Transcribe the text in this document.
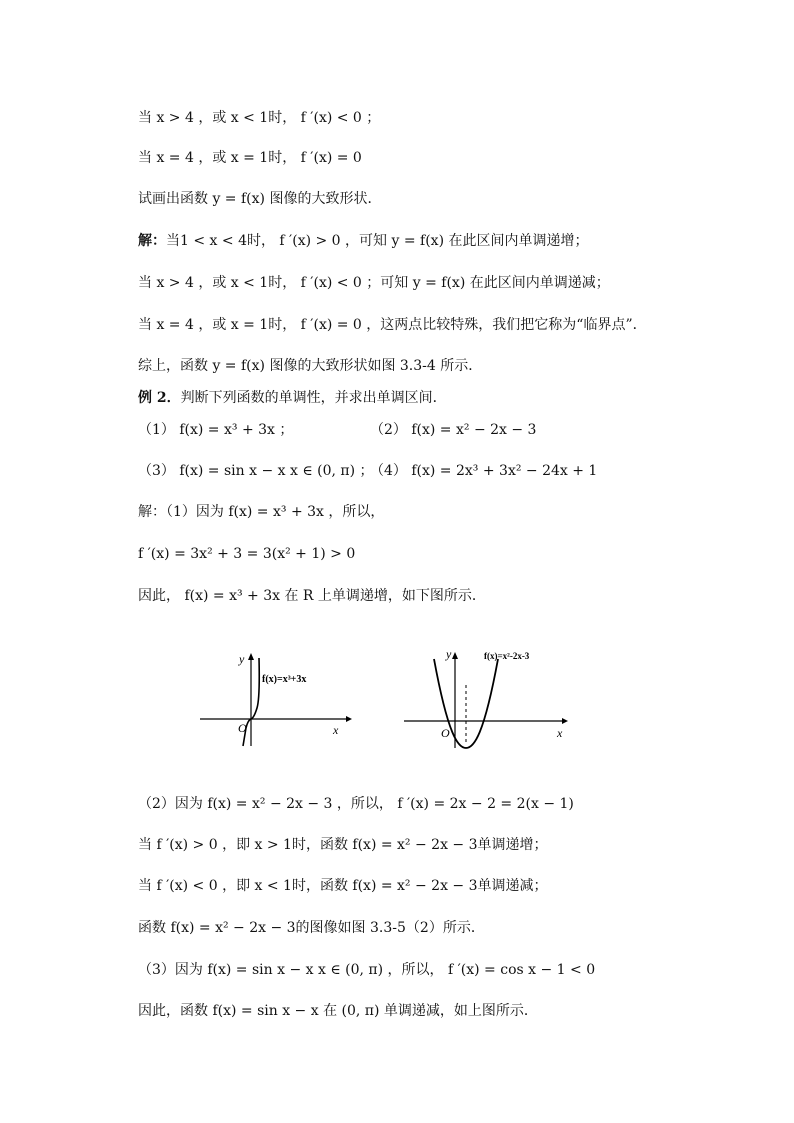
当 x > 4 ，或 x < 1时， f ′(x) < 0 ；
当 x = 4 ，或 x = 1时， f ′(x) = 0
试画出函数 y = f(x) 图像的大致形状．
解：当1 < x < 4时， f ′(x) > 0 ，可知 y = f(x) 在此区间内单调递增；
当 x > 4 ，或 x < 1时， f ′(x) < 0 ；可知 y = f(x) 在此区间内单调递减；
当 x = 4 ，或 x = 1时， f ′(x) = 0 ，这两点比较特殊，我们把它称为“临界点”．
综上，函数 y = f(x) 图像的大致形状如图 3.3-4 所示．
例 2．判断下列函数的单调性，并求出单调区间．
（1） f(x) = x³ + 3x ；	（2） f(x) = x² − 2x − 3
（3） f(x) = sin x − x x ∈ (0, π) ；
（4） f(x) = 2x³ + 3x² − 24x + 1
解：（1）因为 f(x) = x³ + 3x ，所以，
f ′(x) = 3x² + 3 = 3(x² + 1) > 0
因此， f(x) = x³ + 3x 在 R 上单调递增，如下图所示．
y
x
O
f(x)=x³+3x
y
x
O
f(x)=x²-2x-3
（2）因为 f(x) = x² − 2x − 3 ，所以， f ′(x) = 2x − 2 = 2(x − 1)
当 f ′(x) > 0 ，即 x > 1时，函数 f(x) = x² − 2x − 3单调递增；
当 f ′(x) < 0 ，即 x < 1时，函数 f(x) = x² − 2x − 3单调递减；
函数 f(x) = x² − 2x − 3的图像如图 3.3-5（2）所示．
（3）因为 f(x) = sin x − x x ∈ (0, π) ，所以， f ′(x) = cos x − 1 < 0
因此，函数 f(x) = sin x − x 在 (0, π) 单调递减，如上图所示．
